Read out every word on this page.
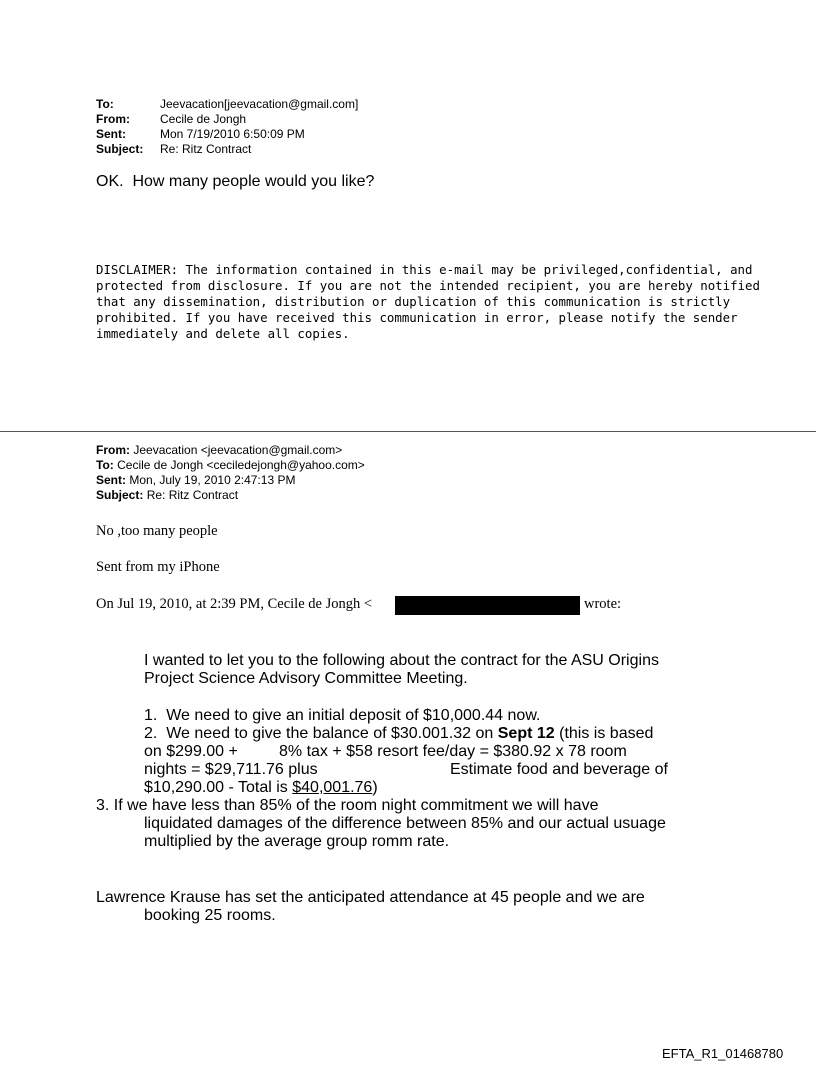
To:	Jeevacation[jeevacation@gmail.com]
From:	Cecile de Jongh
Sent:	Mon 7/19/2010 6:50:09 PM
Subject: Re: Ritz Contract
OK.  How many people would you like?
DISCLAIMER: The information contained in this e-mail may be privileged,confidential, and
protected from disclosure. If you are not the intended recipient, you are hereby notified
that any dissemination, distribution or duplication of this communication is strictly
prohibited. If you have received this communication in error, please notify the sender
immediately and delete all copies.
From: Jeevacation <jeevacation@gmail.com>
To: Cecile de Jongh <ceciledejongh@yahoo.com>
Sent: Mon, July 19, 2010 2:47:13 PM
Subject: Re: Ritz Contract
No ,too many people
Sent from my iPhone
On Jul 19, 2010, at 2:39 PM, Cecile de Jongh <	wrote:
I wanted to let you to the following about the contract for the ASU Origins
Project Science Advisory Committee Meeting.
1.  We need to give an initial deposit of $10,000.44 now.
2.  We need to give the balance of $30.001.32 on Sept 12 (this is based
on $299.00 +	8% tax + $58 resort fee/day = $380.92 x 78 room
nights = $29,711.76 plus	Estimate food and beverage of
$10,290.00 - Total is $40,001.76)
3. If we have less than 85% of the room night commitment we will have
liquidated damages of the difference between 85% and our actual usuage
multiplied by the average group romm rate.
Lawrence Krause has set the anticipated attendance at 45 people and we are
booking 25 rooms.
EFTA_R1_01468780
